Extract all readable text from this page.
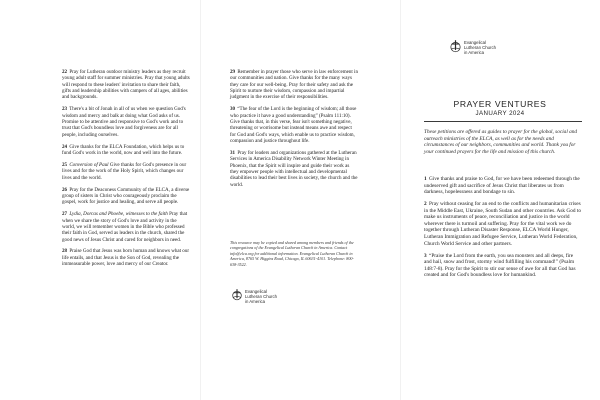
22 Pray for Lutheran outdoor ministry leaders as they recruit young adult staff for summer ministries. Pray that young adults will respond to these leaders' invitation to share their faith, gifts and leadership abilities with campers of all ages, abilities and backgrounds.

23 There's a bit of Jonah in all of us when we question God's wisdom and mercy and balk at doing what God asks of us. Promise to be attentive and responsive to God's work and to trust that God's boundless love and forgiveness are for all people, including ourselves.

24 Give thanks for the ELCA Foundation, which helps us to fund God's work in the world, now and well into the future.

25 Conversion of Paul Give thanks for God's presence in our lives and for the work of the Holy Spirit, which changes our lives and the world.

26 Pray for the Deaconess Community of the ELCA, a diverse group of sisters in Christ who courageously proclaim the gospel, work for justice and healing, and serve all people.

27 Lydia, Dorcas and Phoebe, witnesses to the faith Pray that when we share the story of God's love and activity in the world, we will remember women in the Bible who professed their faith in God, served as leaders in the church, shared the good news of Jesus Christ and cared for neighbors in need.

28 Praise God that Jesus was born human and knows what our life entails, and that Jesus is the Son of God, revealing the immeasurable power, love and mercy of our Creator.

29 Remember in prayer those who serve in law enforcement in our communities and nation. Give thanks for the many ways they care for our well-being. Pray for their safety and ask the Spirit to nurture their wisdom, compassion and impartial judgment in the exercise of their responsibilities.

30 “The fear of the Lord is the beginning of wisdom; all those who practice it have a good understanding” (Psalm 111:10). Give thanks that, in this verse, fear isn't something negative, threatening or worrisome but instead means awe and respect for God and God's ways, which enable us to practice wisdom, compassion and justice throughout life.

31 Pray for leaders and organizations gathered at the Lutheran Services in America Disability Network Winter Meeting in Phoenix, that the Spirit will inspire and guide their work as they empower people with intellectual and developmental disabilities to lead their best lives in society, the church and the world.

This resource may be copied and shared among members and friends of the congregations of the Evangelical Lutheran Church in America. Contact info@elca.org for additional information. Evangelical Lutheran Church in America, 8765 W. Higgins Road, Chicago, IL 60631-4101. Telephone: 800-638-3522.

Evangelical
Lutheran Church
in America
Evangelical
Lutheran Church
in America
PRAYER VENTURES
JANUARY 2024

These petitions are offered as guides to prayer for the global, social and outreach ministries of the ELCA, as well as for the needs and circumstances of our neighbors, communities and world. Thank you for your continued prayers for the life and mission of this church.

1 Give thanks and praise to God, for we have been redeemed through the undeserved gift and sacrifice of Jesus Christ that liberates us from darkness, hopelessness and bondage to sin.

2 Pray without ceasing for an end to the conflicts and humanitarian crises in the Middle East, Ukraine, South Sudan and other countries. Ask God to make us instruments of peace, reconciliation and justice in the world wherever there is turmoil and suffering. Pray for the vital work we do together through Lutheran Disaster Response, ELCA World Hunger, Lutheran Immigration and Refugee Service, Lutheran World Federation, Church World Service and other partners.

3 “Praise the Lord from the earth, you sea monsters and all deeps, fire and hail, snow and frost, stormy wind fulfilling his command!” (Psalm 148:7-8). Pray for the Spirit to stir our sense of awe for all that God has created and for God's boundless love for humankind.
